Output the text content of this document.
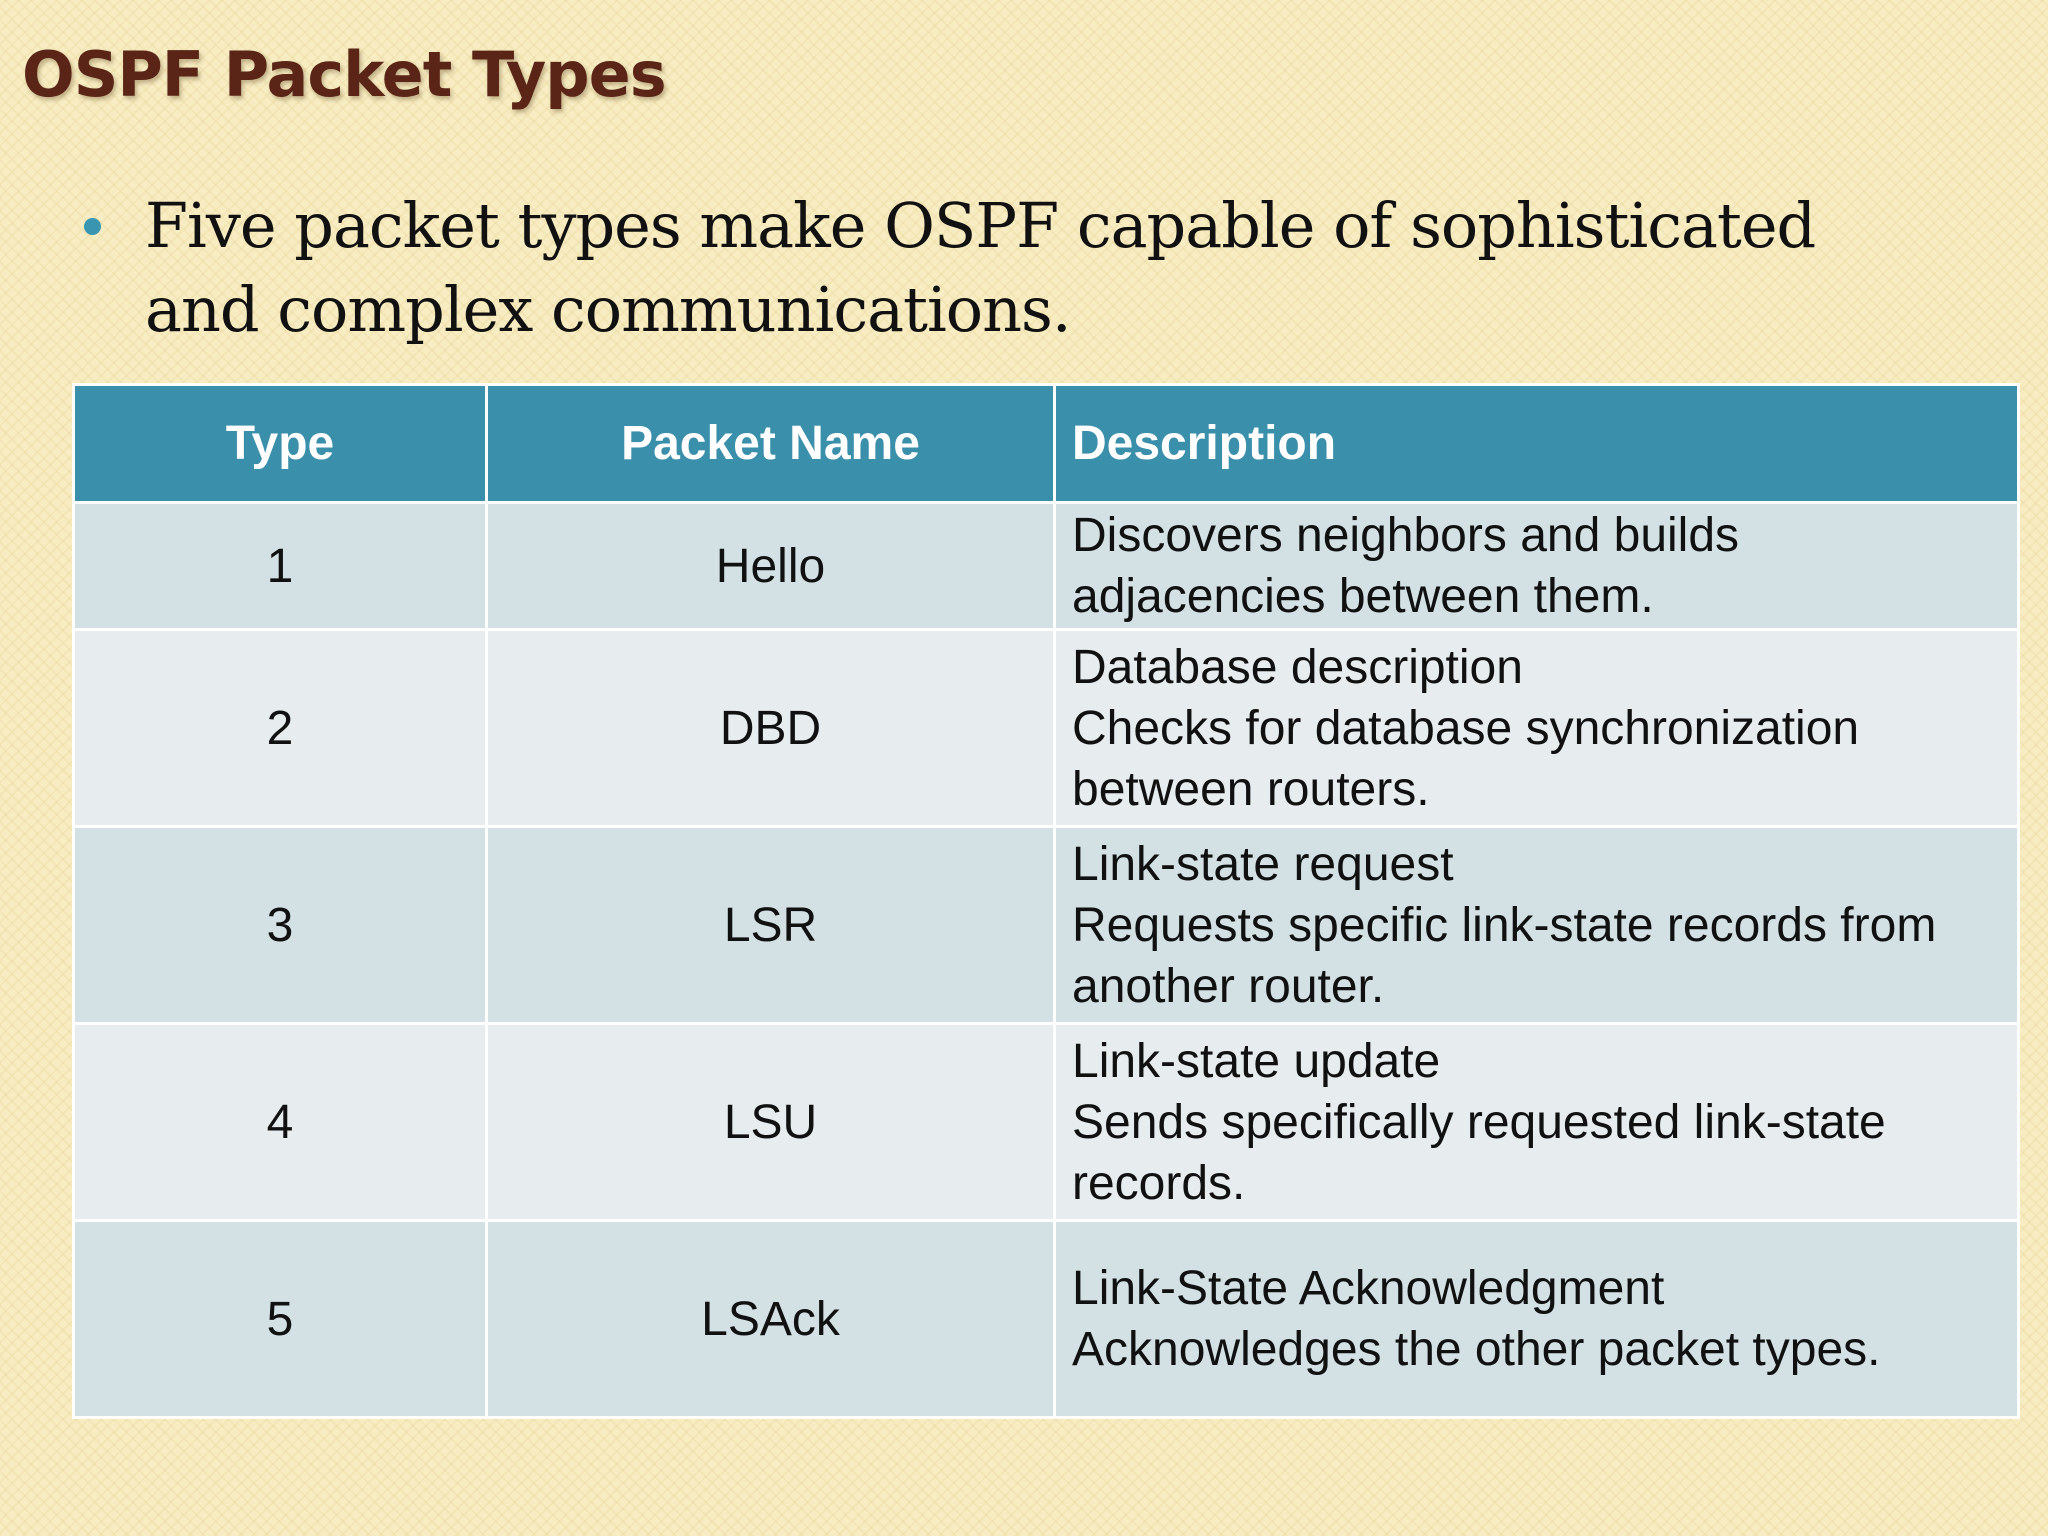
OSPF Packet Types
Five packet types make OSPF capable of sophisticated and complex communications.
Type	Packet Name	Description
1	Hello	Discovers neighbors and builds
adjacencies between them.

2	DBD	Database description
Checks for database synchronization
between routers.

3	LSR	Link-state request
Requests specific link-state records from
another router.

4	LSU	Link-state update
Sends specifically requested link-state
records.

5	LSAck	Link-State Acknowledgment
Acknowledges the other packet types.
